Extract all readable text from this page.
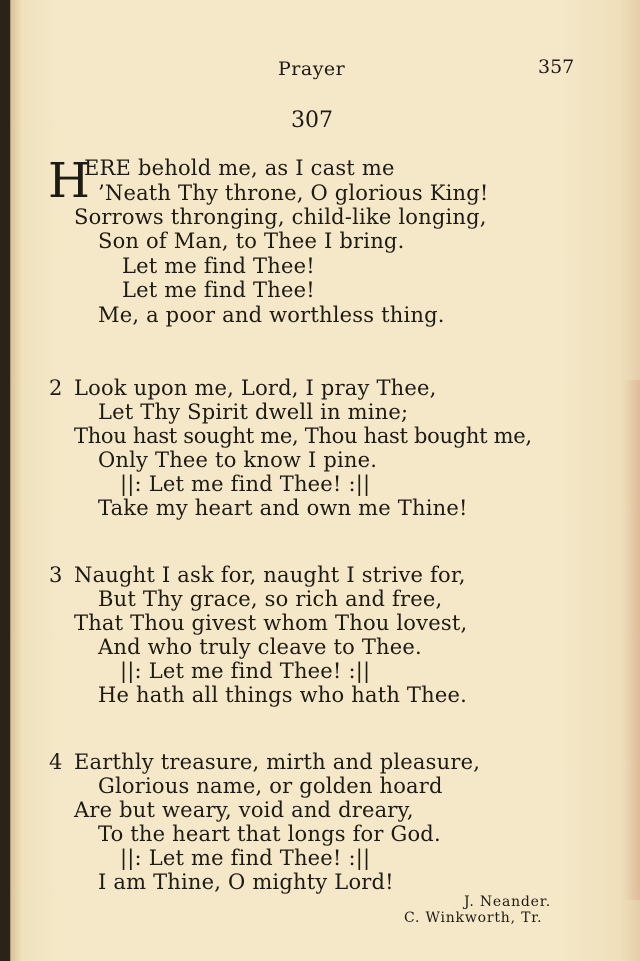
Prayer	357
307
H
ERE behold me, as I cast me
’Neath Thy throne, O glorious King!
Sorrows thronging, child-like longing,
Son of Man, to Thee I bring.
Let me find Thee!
Let me find Thee!
Me, a poor and worthless thing.
2 Look upon me, Lord, I pray Thee,
Let Thy Spirit dwell in mine;
Thou hast sought me, Thou hast bought me,
Only Thee to know I pine.
||: Let me find Thee! :||
Take my heart and own me Thine!
3 Naught I ask for, naught I strive for,
But Thy grace, so rich and free,
That Thou givest whom Thou lovest,
And who truly cleave to Thee.
||: Let me find Thee! :||
He hath all things who hath Thee.
4 Earthly treasure, mirth and pleasure,
Glorious name, or golden hoard
Are but weary, void and dreary,
To the heart that longs for God.
||: Let me find Thee! :||
I am Thine, O mighty Lord!
J. Neander.
C. Winkworth, Tr.
